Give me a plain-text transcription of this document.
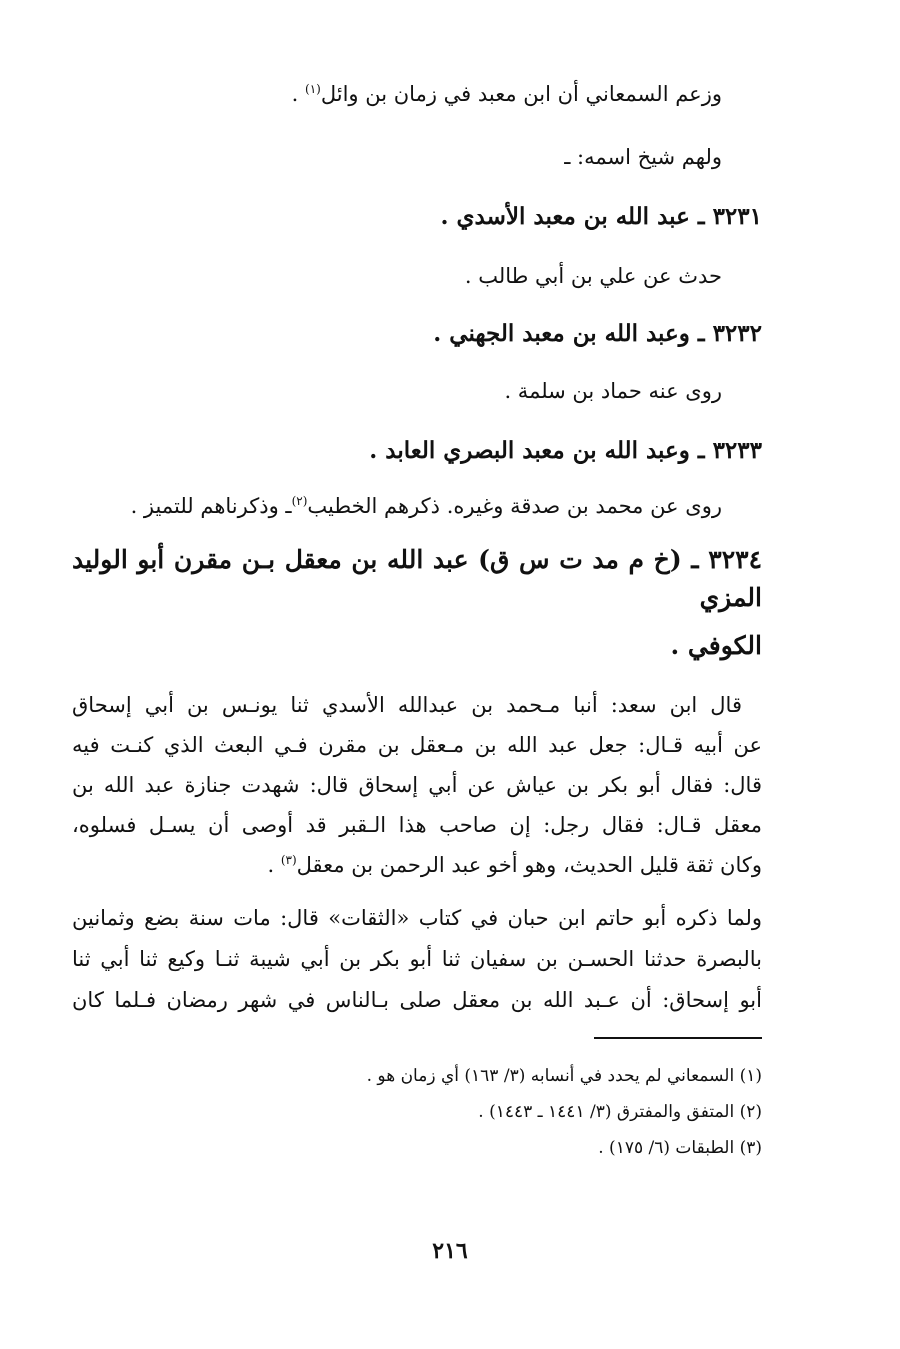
وزعم السمعاني أن ابن معبد في زمان بن وائل$^{(١)}$ .

ولهم شيخ اسمه: ـ

٣٢٣١ ـ عبد الله بن معبد الأسدي .

حدث عن علي بن أبي طالب .

٣٢٣٢ ـ وعبد الله بن معبد الجهني .

روى عنه حماد بن سلمة .

٣٢٣٣ ـ وعبد الله بن معبد البصري العابد .

روى عن محمد بن صدقة وغيره. ذكرهم الخطيب$^{(٢)}$ـ وذكرناهم للتميز .

٣٢٣٤ ـ (خ م مد ت س ق) عبد الله بن معقل بـن مقرن أبو الوليد المزي

الكوفي .

قال ابن سعد: أنبا مـحمد بن عبدالله الأسدي ثنا يونـس بن أبي إسحاق

عن أبيه قـال: جعل عبد الله بن مـعقل بن مقرن فـي البعث الذي كنـت فيه

قال: فقال أبو بكر بن عياش عن أبي إسحاق قال: شهدت جنازة عبد الله بن

معقل قـال: فقال رجل: إن صاحب هذا الـقبر قد أوصى أن يسـل فسلوه،

وكان ثقة قليل الحديث، وهو أخو عبد الرحمن بن معقل$^{(٣)}$ .

ولما ذكره أبو حاتم ابن حبان في كتاب «الثقات» قال: مات سنة بضع وثمانين

بالبصرة حدثنا الحسـن بن سفيان ثنا أبو بكر بن أبي شيبة ثنـا وكيع ثنا أبي ثنا

أبو إسحاق: أن عـبد الله بن معقل صلى بـالناس في شهر رمضان فـلما كان

(١) السمعاني لم يحدد في أنسابه (٣/ ١٦٣) أي زمان هو .

(٢) المتفق والمفترق (٣/ ١٤٤١ ـ ١٤٤٣) .

(٣) الطبقات (٦/ ١٧٥) .

٢١٦
